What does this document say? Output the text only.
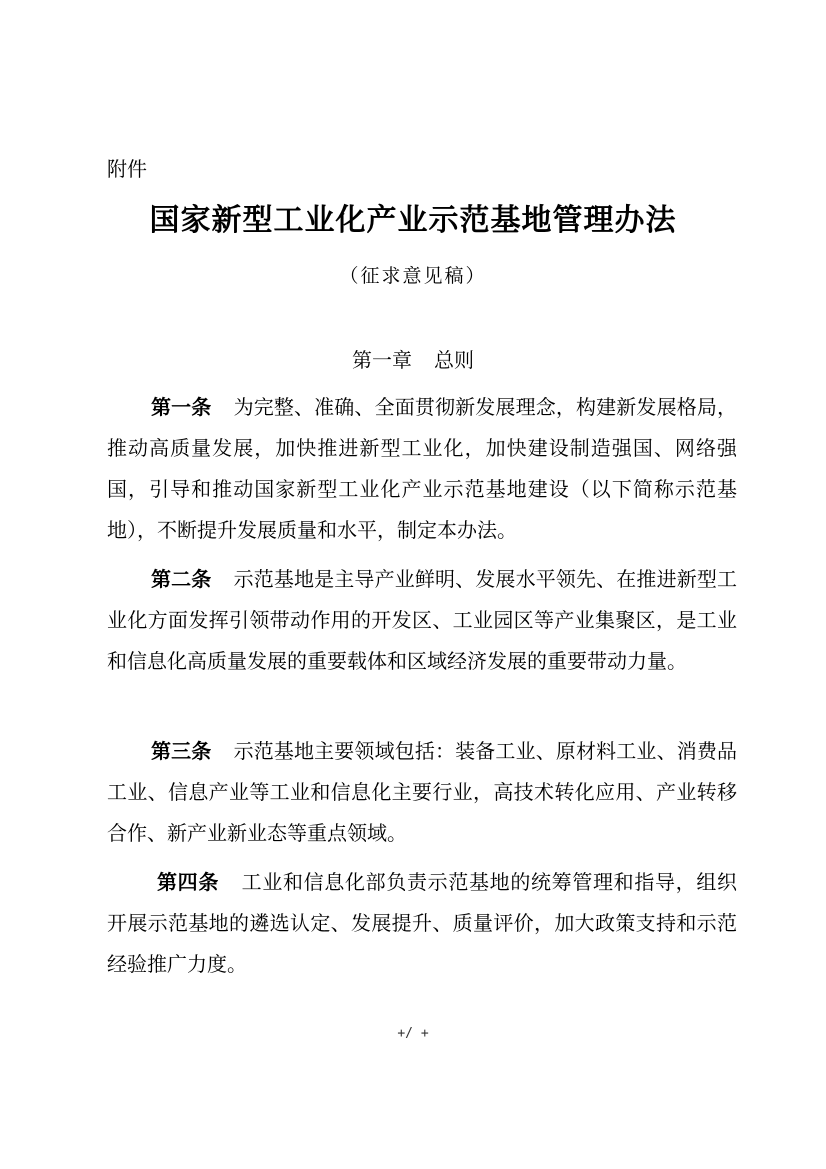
附件
国家新型工业化产业示范基地管理办法
（征求意见稿）
第一章 总则
第一条 为完整、准确、全面贯彻新发展理念，构建新发展格局，推动高质量发展，加快推进新型工业化，加快建设制造强国、网络强国，引导和推动国家新型工业化产业示范基地建设（以下简称示范基地），不断提升发展质量和水平，制定本办法。
第二条 示范基地是主导产业鲜明、发展水平领先、在推进新型工业化方面发挥引领带动作用的开发区、工业园区等产业集聚区，是工业和信息化高质量发展的重要载体和区域经济发展的重要带动力量。
第三条 示范基地主要领域包括：装备工业、原材料工业、消费品工业、信息产业等工业和信息化主要行业，高技术转化应用、产业转移合作、新产业新业态等重点领域。
第四条 工业和信息化部负责示范基地的统筹管理和指导，组织开展示范基地的遴选认定、发展提升、质量评价，加大政策支持和示范经验推广力度。
+/ +
